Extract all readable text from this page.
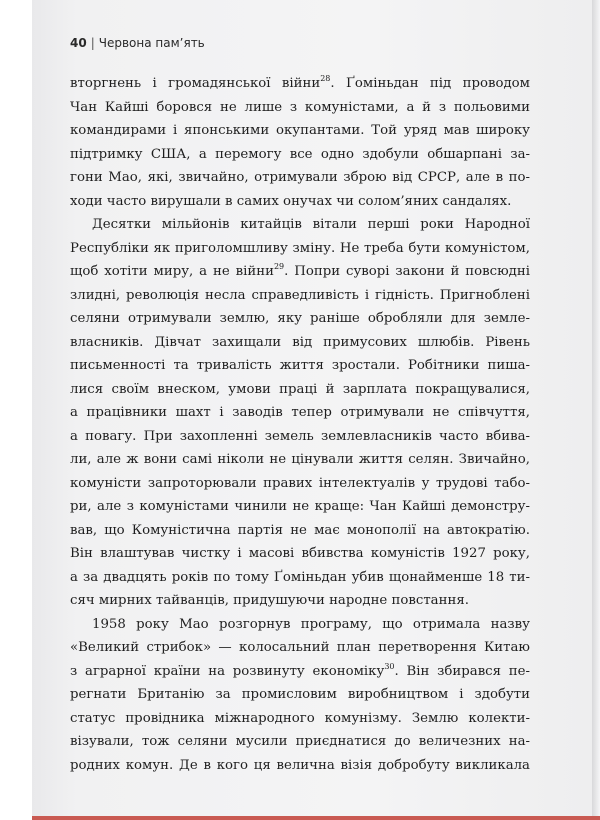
40 | Червона пам’ять
вторгнень і громадянської війни$^{28}$. Ґоміньдан під проводом
Чан Кайші боровся не лише з комуністами, а й з польовими
командирами і японськими окупантами. Той уряд мав широку
підтримку США, а перемогу все одно здобули обшарпані за-
гони Мао, які, звичайно, отримували зброю від СРСР, але в по-
ходи часто вирушали в самих онучах чи солом’яних сандалях.
Десятки мільйонів китайців вітали перші роки Народної
Республіки як приголомшливу зміну. Не треба бути комуністом,
щоб хотіти миру, а не війни$^{29}$. Попри суворі закони й повсюдні
злидні, революція несла справедливість і гідність. Пригноблені
селяни отримували землю, яку раніше обробляли для земле-
власників. Дівчат захищали від примусових шлюбів. Рівень
письменності та тривалість життя зростали. Робітники пиша-
лися своїм внеском, умови праці й зарплата покращувалися,
а працівники шахт і заводів тепер отримували не співчуття,
а повагу. При захопленні земель землевласників часто вбива-
ли, але ж вони самі ніколи не цінували життя селян. Звичайно,
комуністи запроторювали правих інтелектуалів у трудові табо-
ри, але з комуністами чинили не краще: Чан Кайші демонстру-
вав, що Комуністична партія не має монополії на автократію.
Він влаштував чистку і масові вбивства комуністів 1927 року,
а за двадцять років по тому Ґоміньдан убив щонайменше 18 ти-
сяч мирних тайванців, придушуючи народне повстання.
1958 року Мао розгорнув програму, що отримала назву
«Великий стрибок» — колосальний план перетворення Китаю
з аграрної країни на розвинуту економіку$^{30}$. Він збирався пе-
регнати Британію за промисловим виробництвом і здобути
статус провідника міжнародного комунізму. Землю колекти-
візували, тож селяни мусили приєднатися до величезних на-
родних комун. Де в кого ця велична візія добробуту викликала
